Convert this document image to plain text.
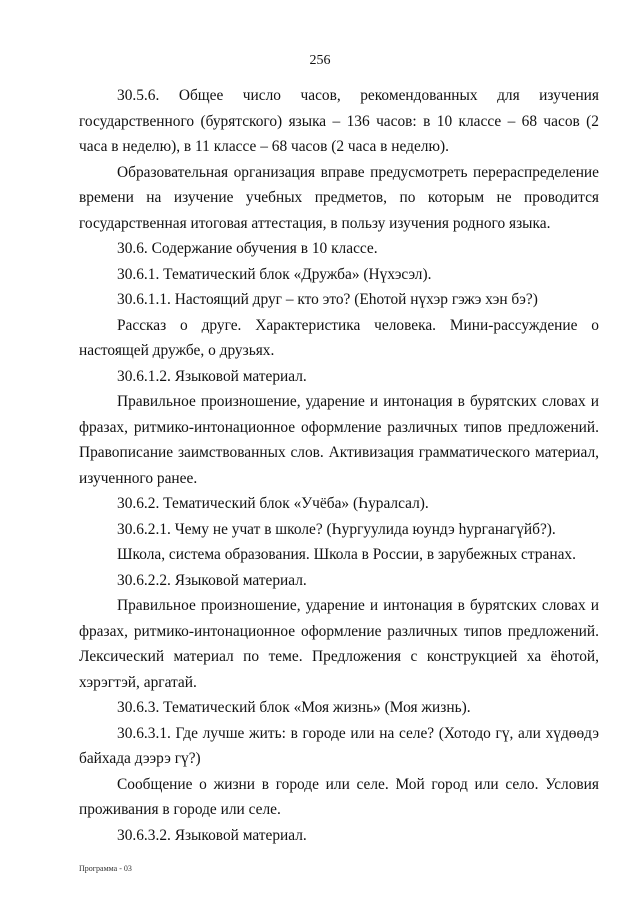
256

30.5.6. Общее число часов, рекомендованных для изучения государственного (бурятского) языка – 136 часов: в 10 классе – 68 часов (2 часа в неделю), в 11 классе – 68 часов (2 часа в неделю).

Образовательная организация вправе предусмотреть перераспределение времени на изучение учебных предметов, по которым не проводится государственная итоговая аттестация, в пользу изучения родного языка.

30.6. Содержание обучения в 10 классе.

30.6.1. Тематический блок «Дружба» (Нүхэсэл).

30.6.1.1. Настоящий друг – кто это? (Еhотой нүхэр гэжэ хэн бэ?)

Рассказ о друге. Характеристика человека. Мини-рассуждение о настоящей дружбе, о друзьях.

30.6.1.2. Языковой материал.

Правильное произношение, ударение и интонация в бурятских словах и фразах, ритмико-интонационное оформление различных типов предложений. Правописание заимствованных слов. Активизация грамматического материал, изученного ранее.

30.6.2. Тематический блок «Учёба» (Һуралсал).

30.6.2.1. Чему не учат в школе? (Һургуулида юундэ һурганагүйб?).

Школа, система образования. Школа в России, в зарубежных странах.

30.6.2.2. Языковой материал.

Правильное произношение, ударение и интонация в бурятских словах и фразах, ритмико-интонационное оформление различных типов предложений. Лексический материал по теме. Предложения с конструкцией ха ёhотой, хэрэгтэй, аргатай.

30.6.3. Тематический блок «Моя жизнь» (Моя жизнь).

30.6.3.1. Где лучше жить: в городе или на селе? (Хотодо гү, али хүдөөдэ байхада дээрэ гү?)

Сообщение о жизни в городе или селе. Мой город или село. Условия проживания в городе или селе.

30.6.3.2. Языковой материал.

Программа - 03
